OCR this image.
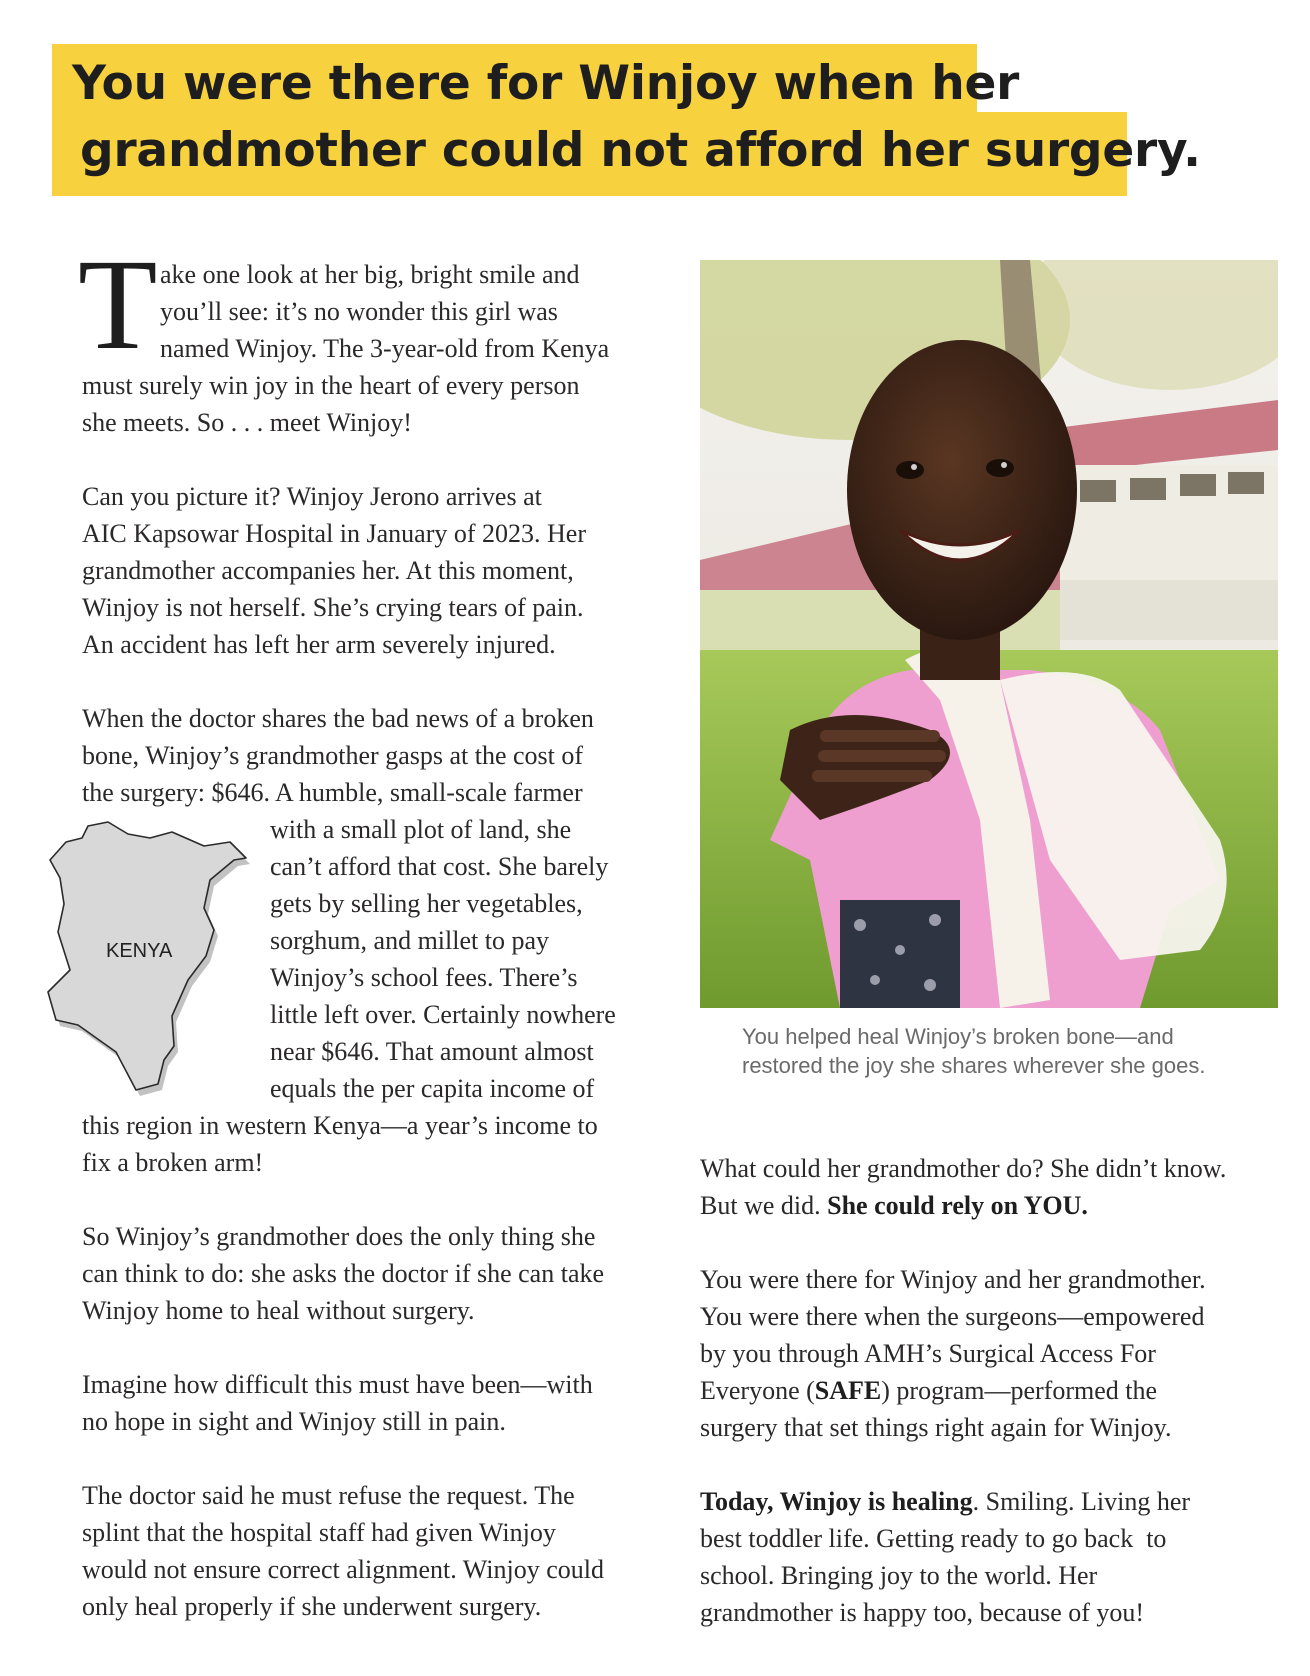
You were there for Winjoy when her
grandmother could not afford her surgery.

T ake one look at her big, bright smile and
you’ll see: it’s no wonder this girl was
named Winjoy. The 3-year-old from Kenya
must surely win joy in the heart of every person
she meets. So . . . meet Winjoy!
Can you picture it? Winjoy Jerono arrives at
AIC Kapsowar Hospital in January of 2023. Her
grandmother accompanies her. At this moment,
Winjoy is not herself. She’s crying tears of pain.
An accident has left her arm severely injured.
When the doctor shares the bad news of a broken
bone, Winjoy’s grandmother gasps at the cost of
the surgery: $646. A humble, small-scale farmer
with a small plot of land, she
can’t afford that cost. She barely
gets by selling her vegetables,
sorghum, and millet to pay
Winjoy’s school fees. There’s
little left over. Certainly nowhere
near $646. That amount almost
equals the per capita income of
this region in western Kenya—a year’s income to
fix a broken arm!
So Winjoy’s grandmother does the only thing she
can think to do: she asks the doctor if she can take
Winjoy home to heal without surgery.
Imagine how difficult this must have been—with
no hope in sight and Winjoy still in pain.
The doctor said he must refuse the request. The
splint that the hospital staff had given Winjoy
would not ensure correct alignment. Winjoy could
only heal properly if she underwent surgery.

KENYA

You helped heal Winjoy’s broken bone—and
restored the joy she shares wherever she goes.

What could her grandmother do? She didn’t know.
But we did. She could rely on YOU.
You were there for Winjoy and her grandmother.
You were there when the surgeons—empowered
by you through AMH’s Surgical Access For
Everyone (SAFE) program—performed the
surgery that set things right again for Winjoy.
Today, Winjoy is healing. Smiling. Living her
best toddler life. Getting ready to go back  to
school. Bringing joy to the world. Her
grandmother is happy too, because of you!
